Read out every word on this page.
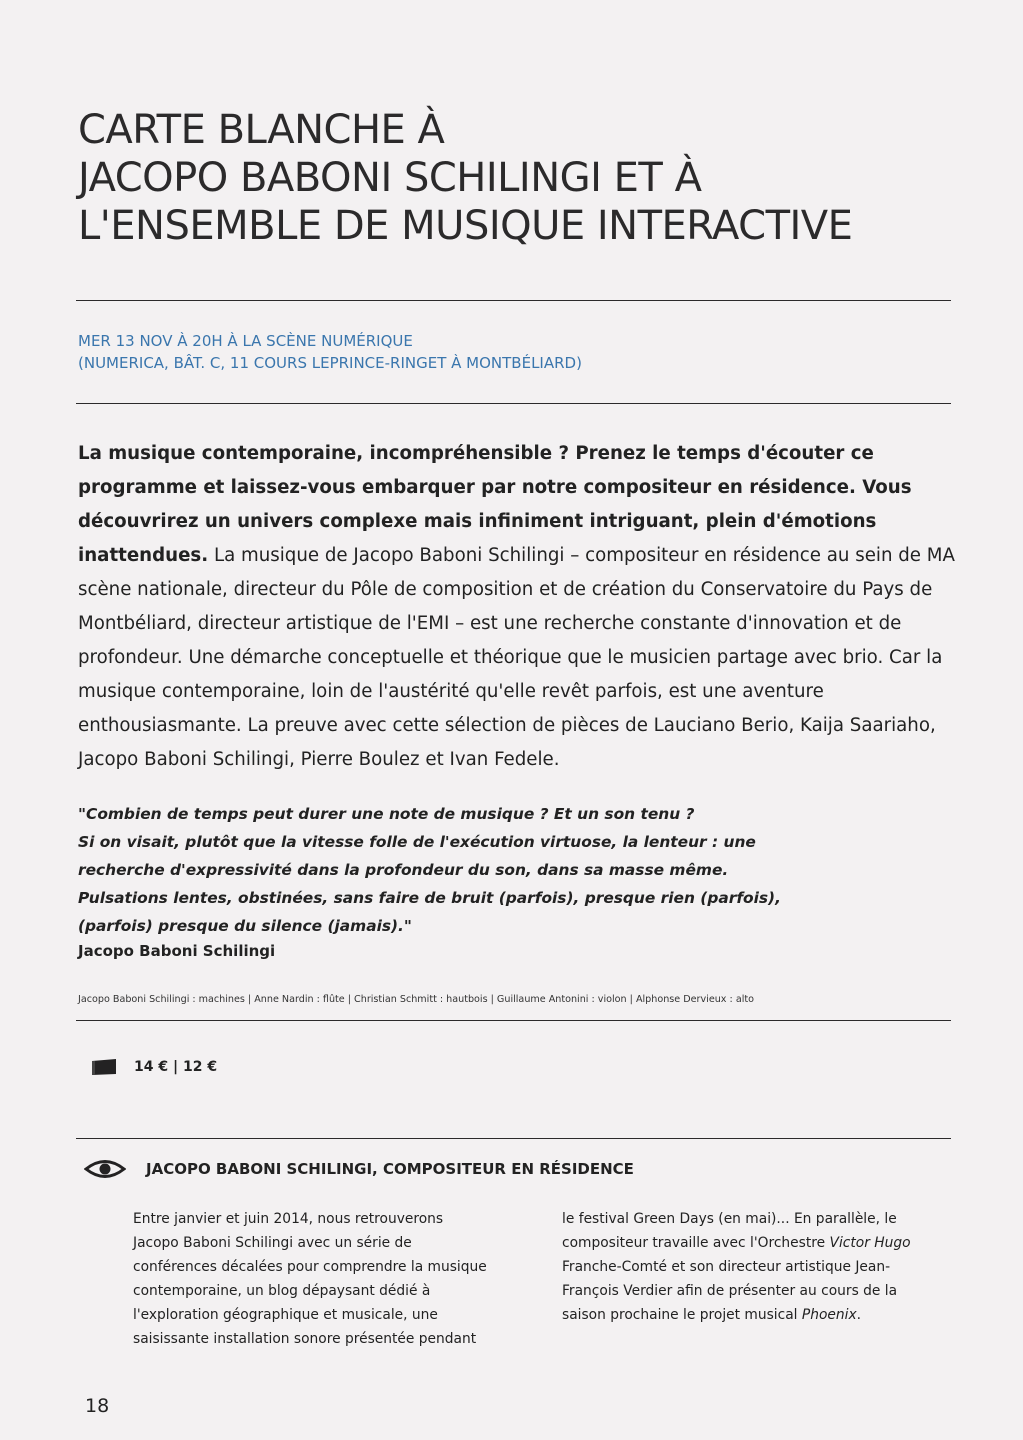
CARTE BLANCHE À
JACOPO BABONI SCHILINGI ET À
L'ENSEMBLE DE MUSIQUE INTERACTIVE
MER 13 NOV À 20H À LA SCÈNE NUMÉRIQUE
(NUMERICA, BÂT. C, 11 COURS LEPRINCE-RINGET À MONTBÉLIARD)
La musique contemporaine, incompréhensible ? Prenez le temps d'écouter ce programme et laissez-vous embarquer par notre compositeur en résidence. Vous découvrirez un univers complexe mais infiniment intriguant, plein d'émotions inattendues. La musique de Jacopo Baboni Schilingi – compositeur en résidence au sein de MA scène nationale, directeur du Pôle de composition et de création du Conservatoire du Pays de Montbéliard, directeur artistique de l'EMI – est une recherche constante d'innovation et de profondeur. Une démarche conceptuelle et théorique que le musicien partage avec brio. Car la musique contemporaine, loin de l'austérité qu'elle revêt parfois, est une aventure enthousiasmante. La preuve avec cette sélection de pièces de Lauciano Berio, Kaija Saariaho, Jacopo Baboni Schilingi, Pierre Boulez et Ivan Fedele.
"Combien de temps peut durer une note de musique ? Et un son tenu ?
Si on visait, plutôt que la vitesse folle de l'exécution virtuose, la lenteur : une
recherche d'expressivité dans la profondeur du son, dans sa masse même.
Pulsations lentes, obstinées, sans faire de bruit (parfois), presque rien (parfois),
(parfois) presque du silence (jamais)."
Jacopo Baboni Schilingi
Jacopo Baboni Schilingi : machines | Anne Nardin : flûte | Christian Schmitt : hautbois | Guillaume Antonini : violon | Alphonse Dervieux : alto
14 € | 12 €
JACOPO BABONI SCHILINGI, COMPOSITEUR EN RÉSIDENCE
Entre janvier et juin 2014, nous retrouverons
Jacopo Baboni Schilingi avec un série de
conférences décalées pour comprendre la musique
contemporaine, un blog dépaysant dédié à
l'exploration géographique et musicale, une
saisissante installation sonore présentée pendant
le festival Green Days (en mai)... En parallèle, le
compositeur travaille avec l'Orchestre Victor Hugo
Franche-Comté et son directeur artistique Jean-
François Verdier afin de présenter au cours de la
saison prochaine le projet musical Phoenix.
18
